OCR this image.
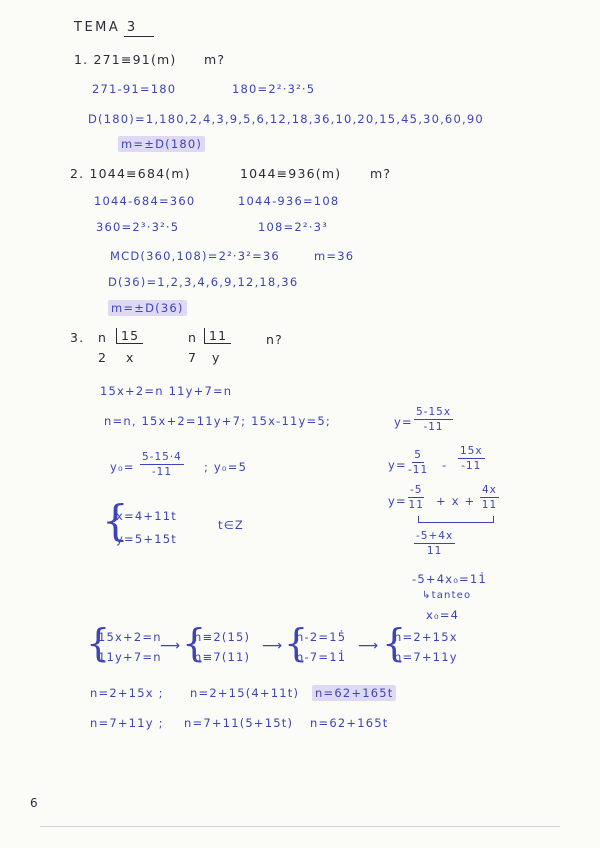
TEMA 3
1. 271≡91(m) m?
271-91=180	180=2²·3²·5
D(180)=1,180,2,4,3,9,5,6,12,18,36,10,20,15,45,30,60,90
m=±D(180)
2. 1044≡684(m)	1044≡936(m) m?
1044-684=360	1044-936=108
360=2³·3²·5	108=2²·3³
MCD(360,108)=2²·3²=36	m=36
D(36)=1,2,3,4,6,9,12,18,36
m=±D(36)
3. n	15
2 x
n 11
7 y
n?
15x+2=n 11y+7=n
n=n, 15x+2=11y+7; 15x-11y=5;	$y= \frac{5-15x}{-11}$
$y_0= \frac{5-15\cdot 4}{-11}$ ; y₀=5	$y= \frac{5}{-11} - \frac{15x}{-11}$
$y= \frac{-5}{11} + x + \frac{4x}{11}$
$\frac{-5+4x}{11}$
-5+4x₀=11̇
↳tanteo
x₀=4
{
x=4+11t
y=5+15t
t∈Z
{
15x+2=n
11y+7=n
⟶ {
n≡2(15)
n≡7(11)
⟶ {
n-2=15̇
n-7=11̇
⟶ {
n=2+15x
n=7+11y
n=2+15x ; n=2+15(4+11t) n=62+165t
n=7+11y ; n=7+11(5+15t) n=62+165t
6
